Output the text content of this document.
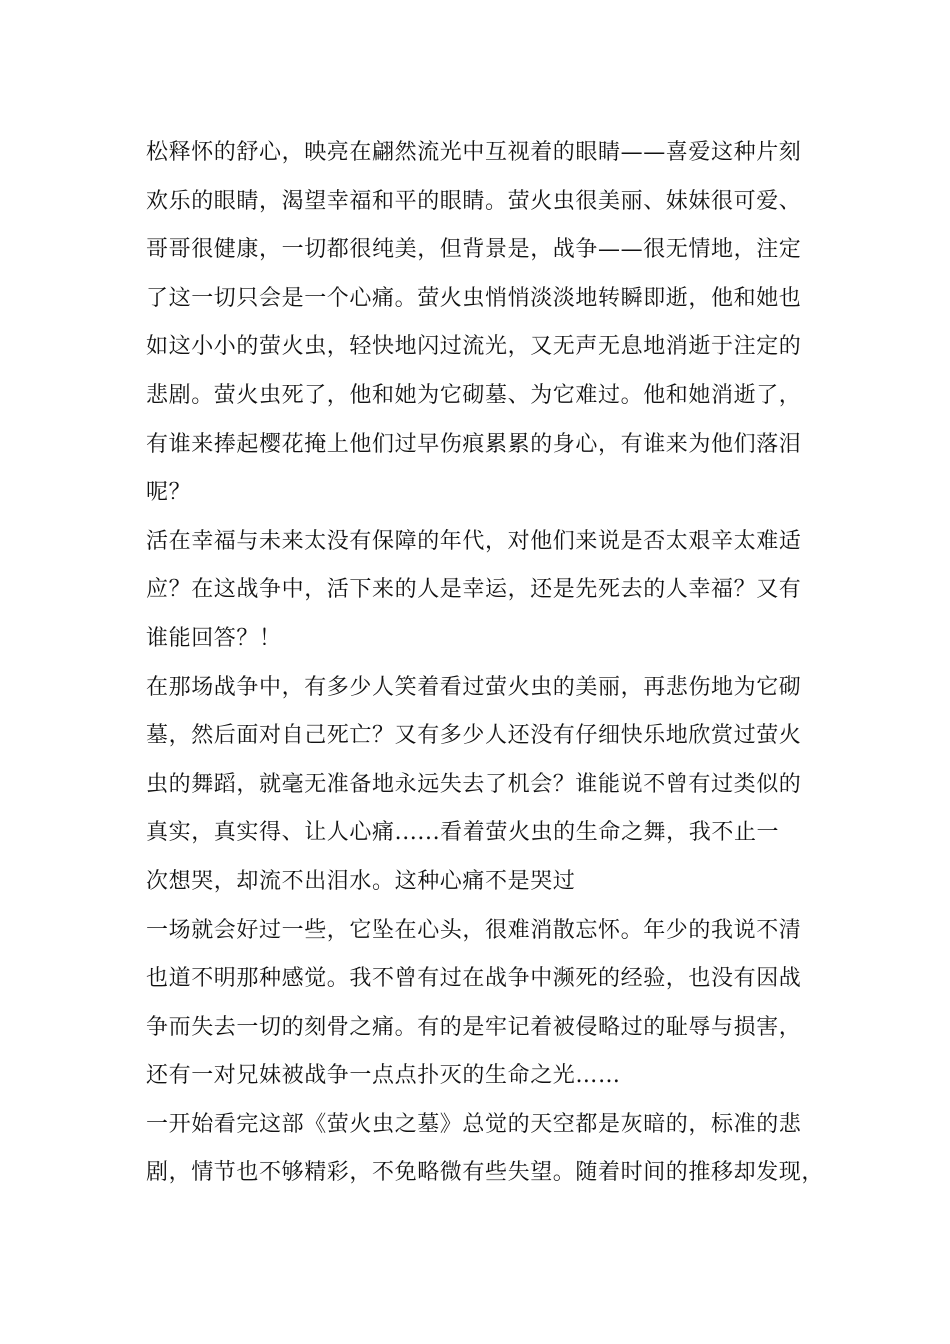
松释怀的舒心，映亮在翩然流光中互视着的眼睛——喜爱这种片刻
欢乐的眼睛，渴望幸福和平的眼睛。萤火虫很美丽、妹妹很可爱、
哥哥很健康，一切都很纯美，但背景是，战争——很无情地，注定
了这一切只会是一个心痛。萤火虫悄悄淡淡地转瞬即逝，他和她也
如这小小的萤火虫，轻快地闪过流光，又无声无息地消逝于注定的
悲剧。萤火虫死了，他和她为它砌墓、为它难过。他和她消逝了，
有谁来捧起樱花掩上他们过早伤痕累累的身心，有谁来为他们落泪
呢？
活在幸福与未来太没有保障的年代，对他们来说是否太艰辛太难适
应？在这战争中，活下来的人是幸运，还是先死去的人幸福？又有
谁能回答？！
在那场战争中，有多少人笑着看过萤火虫的美丽，再悲伤地为它砌
墓，然后面对自己死亡？又有多少人还没有仔细快乐地欣赏过萤火
虫的舞蹈，就毫无准备地永远失去了机会？谁能说不曾有过类似的
真实，真实得、让人心痛......看着萤火虫的生命之舞，我不止一
次想哭，却流不出泪水。这种心痛不是哭过
一场就会好过一些，它坠在心头，很难消散忘怀。年少的我说不清
也道不明那种感觉。我不曾有过在战争中濒死的经验，也没有因战
争而失去一切的刻骨之痛。有的是牢记着被侵略过的耻辱与损害，
还有一对兄妹被战争一点点扑灭的生命之光……
一开始看完这部《萤火虫之墓》总觉的天空都是灰暗的，标准的悲
剧，情节也不够精彩，不免略微有些失望。随着时间的推移却发现，
